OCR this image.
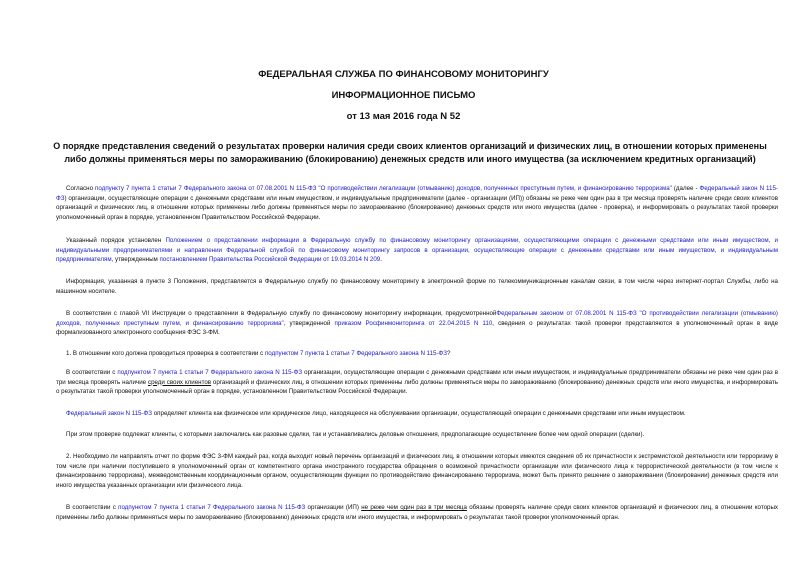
ФЕДЕРАЛЬНАЯ СЛУЖБА ПО ФИНАНСОВОМУ МОНИТОРИНГУ
ИНФОРМАЦИОННОЕ ПИСЬМО
от 13 мая 2016 года N 52
О порядке представления сведений о результатах проверки наличия среди своих клиентов организаций и физических лиц, в отношении которых применены либо должны применяться меры по замораживанию (блокированию) денежных средств или иного имущества (за исключением кредитных организаций)
Согласно подпункту 7 пункта 1 статьи 7 Федерального закона от 07.08.2001 N 115-ФЗ "О противодействии легализации (отмыванию) доходов, полученных преступным путем, и финансированию терроризма" (далее - Федеральный закон N 115-ФЗ) организации, осуществляющие операции с денежными средствами или иным имуществом, и индивидуальные предприниматели (далее - организации (ИП)) обязаны не реже чем один раз в три месяца проверять наличие среди своих клиентов организаций и физических лиц, в отношении которых применены либо должны применяться меры по замораживанию (блокированию) денежных средств или иного имущества (далее - проверка), и информировать о результатах такой проверки уполномоченный орган в порядке, установленном Правительством Российской Федерации.
Указанный порядок установлен Положением о представлении информации в Федеральную службу по финансовому мониторингу организациями, осуществляющими операции с денежными средствами или иным имуществом, и индивидуальными предпринимателями и направлении Федеральной службой по финансовому мониторингу запросов в организации, осуществляющие операции с денежными средствами или иным имуществом, и индивидуальным предпринимателям, утвержденным постановлением Правительства Российской Федерации от 19.03.2014 N 209.
Информация, указанная в пункте 3 Положения, представляется в Федеральную службу по финансовому мониторингу в электронной форме по телекоммуникационным каналам связи, в том числе через интернет-портал Службы, либо на машинном носителе.
В соответствии с главой VII Инструкции о представлении в Федеральную службу по финансовому мониторингу информации, предусмотреннойФедеральным законом от 07.08.2001 N 115-ФЗ "О противодействии легализации (отмыванию) доходов, полученных преступным путем, и финансированию терроризма", утвержденной приказом Росфинмониторинга от 22.04.2015 N 110, сведения о результатах такой проверки представляются в уполномоченный орган в виде формализованного электронного сообщения ФЭС 3-ФМ.
1. В отношении кого должна проводиться проверка в соответствии с подпунктом 7 пункта 1 статьи 7 Федерального закона N 115-ФЗ?
В соответствии с подпунктом 7 пункта 1 статьи 7 Федерального закона N 115-ФЗ организации, осуществляющие операции с денежными средствами или иным имуществом, и индивидуальные предприниматели обязаны не реже чем один раз в три месяца проверять наличие среди своих клиентов организаций и физических лиц, в отношении которых применены либо должны применяться меры по замораживанию (блокированию) денежных средств или иного имущества, и информировать о результатах такой проверки уполномоченный орган в порядке, установленном Правительством Российской Федерации.
Федеральный закон N 115-ФЗ определяет клиента как физическое или юридическое лицо, находящееся на обслуживании организации, осуществляющей операции с денежными средствами или иным имуществом.
При этом проверке подлежат клиенты, с которыми заключались как разовые сделки, так и устанавливались деловые отношения, предполагающие осуществление более чем одной операции (сделки).
2. Необходимо ли направлять отчет по форме ФЭС 3-ФМ каждый раз, когда выходит новый перечень организаций и физических лиц, в отношении которых имеются сведения об их причастности к экстремистской деятельности или терроризму в том числе при наличии поступившего в уполномоченный орган от компетентного органа иностранного государства обращения о возможной причастности организации или физического лица к террористической деятельности (в том числе к финансированию терроризма), межведомственным координационным органом, осуществляющим функции по противодействию финансированию терроризма, может быть принято решение о замораживании (блокировании) денежных средств или иного имущества указанных организации или физического лица.
В соответствии с подпунктом 7 пункта 1 статьи 7 Федерального закона N 115-ФЗ организации (ИП) не реже чем один раз в три месяца обязаны проверять наличие среди своих клиентов организаций и физических лиц, в отношении которых применены либо должны применяться меры по замораживанию (блокированию) денежных средств или иного имущества, и информировать о результатах такой проверки уполномоченный орган.
